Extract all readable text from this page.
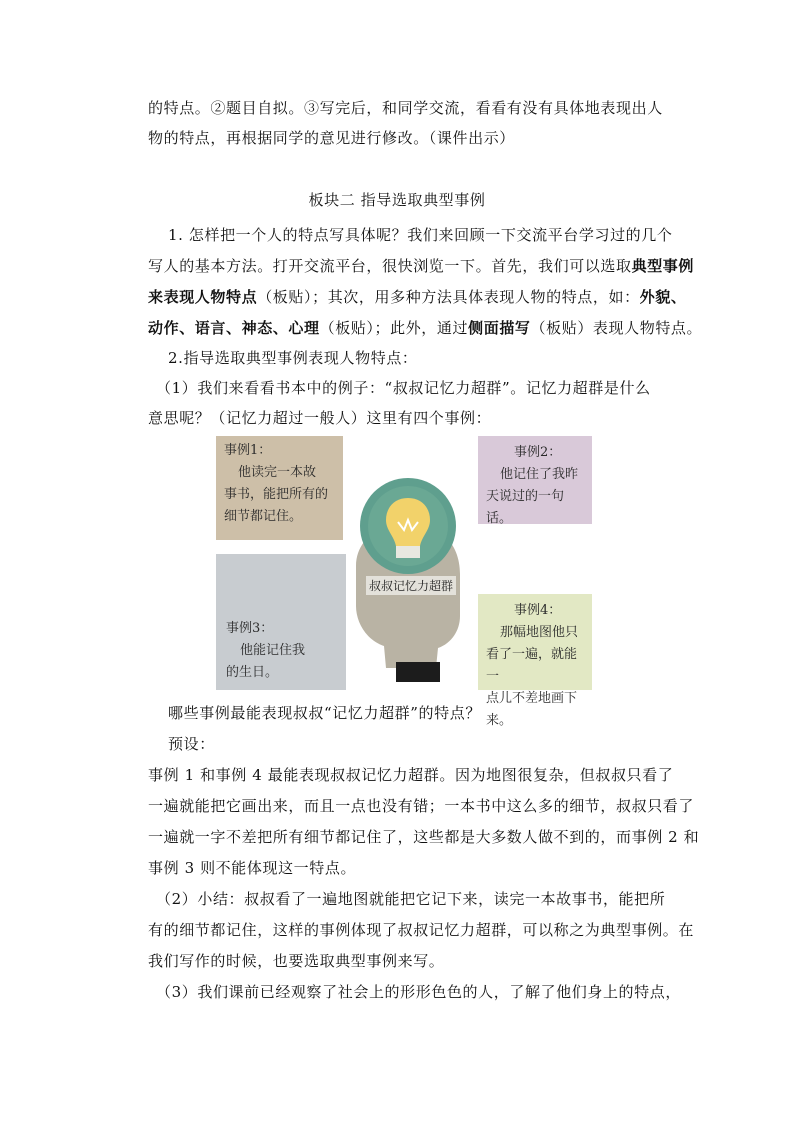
的特点。②题目自拟。③写完后，和同学交流，看看有没有具体地表现出人
物的特点，再根据同学的意见进行修改。（课件出示）
板块二 指导选取典型事例
1. 怎样把一个人的特点写具体呢？我们来回顾一下交流平台学习过的几个
写人的基本方法。打开交流平台，很快浏览一下。首先，我们可以选取典型事例
来表现人物特点（板贴）；其次，用多种方法具体表现人物的特点，如：外貌、
动作、语言、神态、心理（板贴）；此外，通过侧面描写（板贴）表现人物特点。
2.指导选取典型事例表现人物特点：
（1）我们来看看书本中的例子：“叔叔记忆力超群”。记忆力超群是什么
意思呢？（记忆力超过一般人）这里有四个事例：
事例1：
他读完一本故
事书，能把所有的
细节都记住。
事例2：
他记住了我昨
天说过的一句话。
事例3：
他能记住我
的生日。
事例4：
那幅地图他只
看了一遍，就能一
点儿不差地画下来。
叔叔记忆力超群
哪些事例最能表现叔叔“记忆力超群”的特点？
预设：
事例 1 和事例 4 最能表现叔叔记忆力超群。因为地图很复杂，但叔叔只看了
一遍就能把它画出来，而且一点也没有错；一本书中这么多的细节，叔叔只看了
一遍就一字不差把所有细节都记住了，这些都是大多数人做不到的，而事例 2 和
事例 3 则不能体现这一特点。
（2）小结：叔叔看了一遍地图就能把它记下来，读完一本故事书，能把所
有的细节都记住，这样的事例体现了叔叔记忆力超群，可以称之为典型事例。在
我们写作的时候，也要选取典型事例来写。
（3）我们课前已经观察了社会上的形形色色的人，了解了他们身上的特点，
